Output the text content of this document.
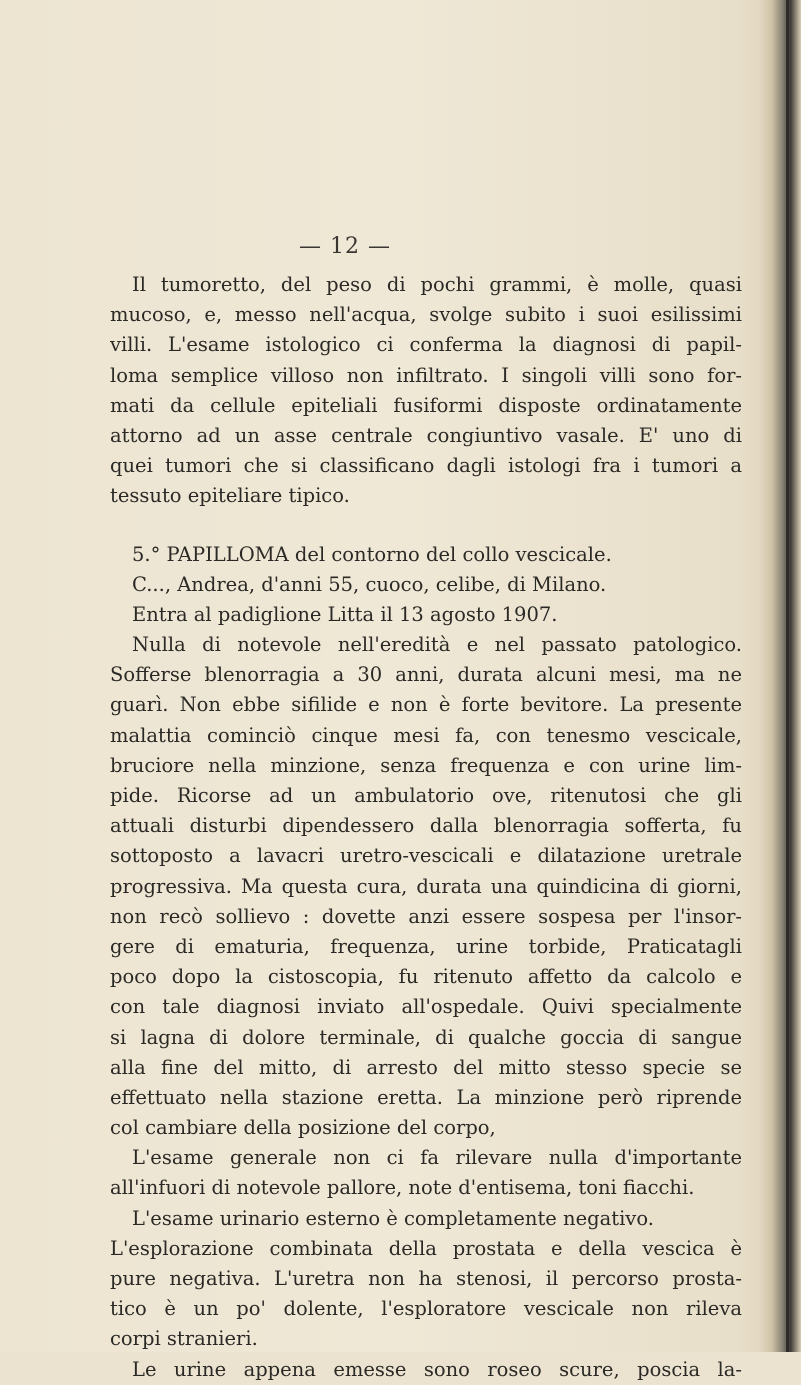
— 12 —
Il tumoretto, del peso di pochi grammi, è molle, quasi
mucoso, e, messo nell'acqua, svolge subito i suoi esilissimi
villi. L'esame istologico ci conferma la diagnosi di papil-
loma semplice villoso non infiltrato. I singoli villi sono for-
mati da cellule epiteliali fusiformi disposte ordinatamente
attorno ad un asse centrale congiuntivo vasale. E' uno di
quei tumori che si classificano dagli istologi fra i tumori a
tessuto epiteliare tipico.
5.° PAPILLOMA del contorno del collo vescicale.
C..., Andrea, d'anni 55, cuoco, celibe, di Milano.
Entra al padiglione Litta il 13 agosto 1907.
Nulla di notevole nell'eredità e nel passato patologico.
Sofferse blenorragia a 30 anni, durata alcuni mesi, ma ne
guarì. Non ebbe sifilide e non è forte bevitore. La presente
malattia cominciò cinque mesi fa, con tenesmo vescicale,
bruciore nella minzione, senza frequenza e con urine lim-
pide. Ricorse ad un ambulatorio ove, ritenutosi che gli
attuali disturbi dipendessero dalla blenorragia sofferta, fu
sottoposto a lavacri uretro-vescicali e dilatazione uretrale
progressiva. Ma questa cura, durata una quindicina di giorni,
non recò sollievo : dovette anzi essere sospesa per l'insor-
gere di ematuria, frequenza, urine torbide, Praticatagli
poco dopo la cistoscopia, fu ritenuto affetto da calcolo e
con tale diagnosi inviato all'ospedale. Quivi specialmente
si lagna di dolore terminale, di qualche goccia di sangue
alla fine del mitto, di arresto del mitto stesso specie se
effettuato nella stazione eretta. La minzione però riprende
col cambiare della posizione del corpo,
L'esame generale non ci fa rilevare nulla d'importante
all'infuori di notevole pallore, note d'entisema, toni fiacchi.
L'esame urinario esterno è completamente negativo.
L'esplorazione combinata della prostata e della vescica è
pure negativa. L'uretra non ha stenosi, il percorso prosta-
tico è un po' dolente, l'esploratore vescicale non rileva
corpi stranieri.
Le urine appena emesse sono roseo scure, poscia la-
